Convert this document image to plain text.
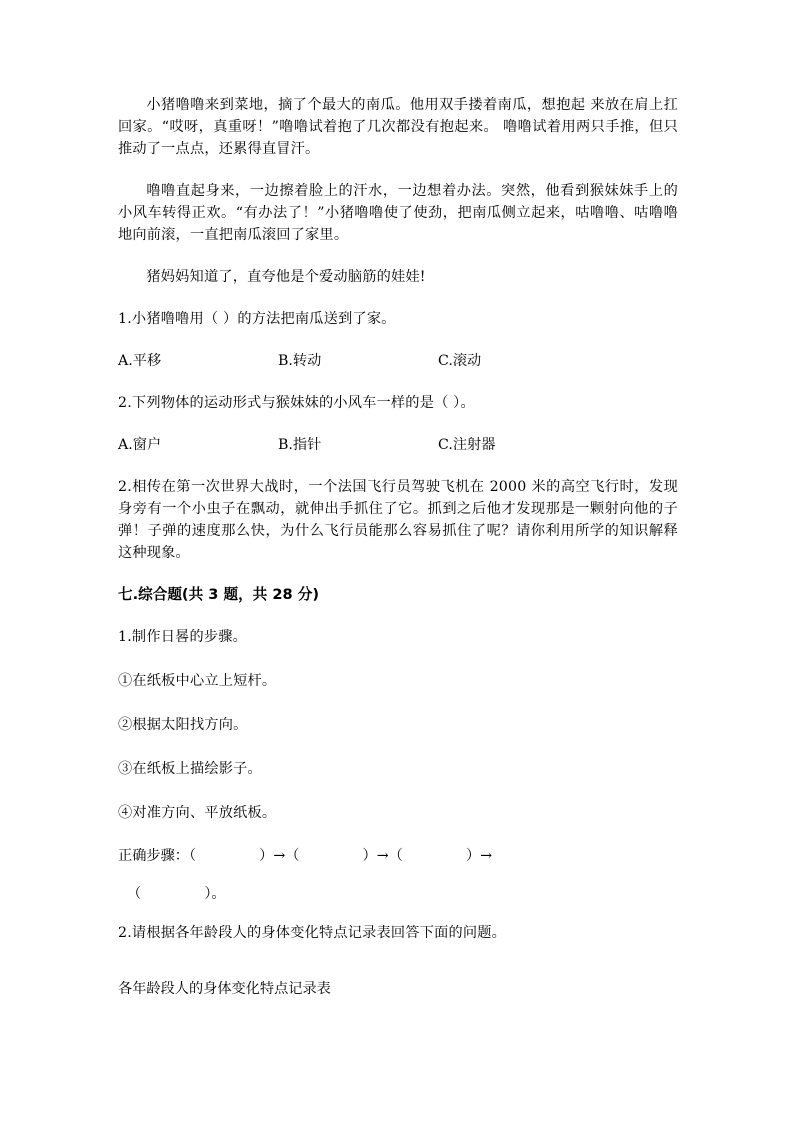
小猪噜噜来到菜地，摘了个最大的南瓜。他用双手搂着南瓜，想抱起 来放在肩上扛回家。“哎呀，真重呀！”噜噜试着抱了几次都没有抱起来。 噜噜试着用两只手推，但只推动了一点点，还累得直冒汗。

噜噜直起身来，一边擦着脸上的汗水，一边想着办法。突然，他看到猴妹妹手上的小风车转得正欢。“有办法了！”小猪噜噜使了使劲，把南瓜侧立起来，咕噜噜、咕噜噜地向前滚，一直把南瓜滚回了家里。

猪妈妈知道了，直夸他是个爱动脑筋的娃娃!

1.小猪噜噜用（ ）的方法把南瓜送到了家。

A.平移	B.转动	C.滚动

2.下列物体的运动形式与猴妹妹的小风车一样的是（ ）。

A.窗户	B.指针	C.注射器

2.相传在第一次世界大战时，一个法国飞行员驾驶飞机在 2000 米的高空飞行时，发现身旁有一个小虫子在飘动，就伸出手抓住了它。抓到之后他才发现那是一颗射向他的子弹！子弹的速度那么快，为什么飞行员能那么容易抓住了呢？请你利用所学的知识解释这种现象。

七.综合题(共 3 题，共 28 分)
1.制作日晷的步骤。
①在纸板中心立上短杆。
②根据太阳找方向。
③在纸板上描绘影子。
④对准方向、平放纸板。
正确步骤：（              ）→（              ）→（              ）→
（              ）。
2.请根据各年龄段人的身体变化特点记录表回答下面的问题。
各年龄段人的身体变化特点记录表
